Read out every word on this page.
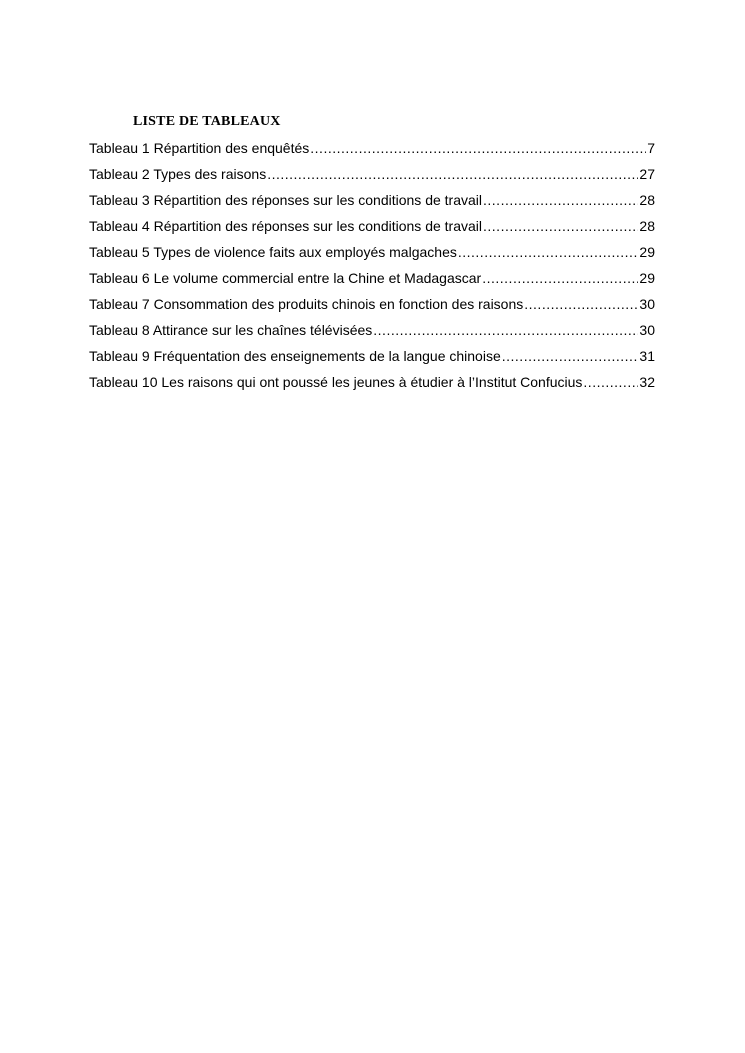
LISTE DE TABLEAUX
Tableau 1 Répartition des enquêtés .....	7
Tableau 2 Types des raisons .....	27
Tableau 3 Répartition des réponses sur les conditions de travail .....	28
Tableau 4 Répartition des réponses sur les conditions de travail .....	28
Tableau 5 Types de violence faits aux employés malgaches .....	29
Tableau 6 Le volume commercial entre la Chine et Madagascar .....	29
Tableau 7 Consommation des produits chinois en fonction des raisons .....	30
Tableau 8 Attirance sur les chaînes télévisées .....	30
Tableau 9 Fréquentation des enseignements de la langue chinoise .....	31
Tableau 10 Les raisons qui ont poussé les jeunes à étudier à l’Institut Confucius .....	32
